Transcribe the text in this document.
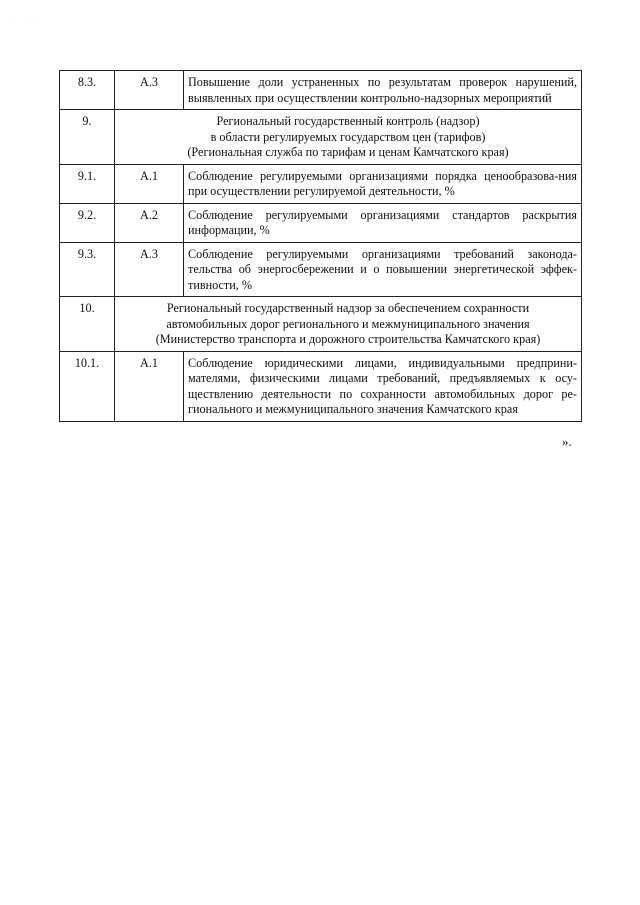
· · ·
8.3.	А.3	Повышение доли устраненных по результатам проверок нарушений, выявленных при осуществлении контрольно-надзорных мероприятий
9.	Региональный государственный контроль (надзор)
в области регулируемых государством цен (тарифов)
(Региональная служба по тарифам и ценам Камчатского края)	

9.1.	А.1	Соблюдение регулируемыми организациями порядка ценообразова-ния при осуществлении регулируемой деятельности, %
9.2.	А.2	Соблюдение регулируемыми организациями стандартов раскрытия информации, %
9.3.	А.3	Соблюдение регулируемыми организациями требований законода-тельства об энергосбережении и о повышении энергетической эффек-тивности, %
10.	Региональный государственный надзор за обеспечением сохранности
автомобильных дорог регионального и межмуниципального значения
(Министерство транспорта и дорожного строительства Камчатского края)	

10.1.	А.1	Соблюдение юридическими лицами, индивидуальными предприни-мателями, физическими лицами требований, предъявляемых к осу-ществлению деятельности по сохранности автомобильных дорог ре-гионального и межмуниципального значения Камчатского края
».
